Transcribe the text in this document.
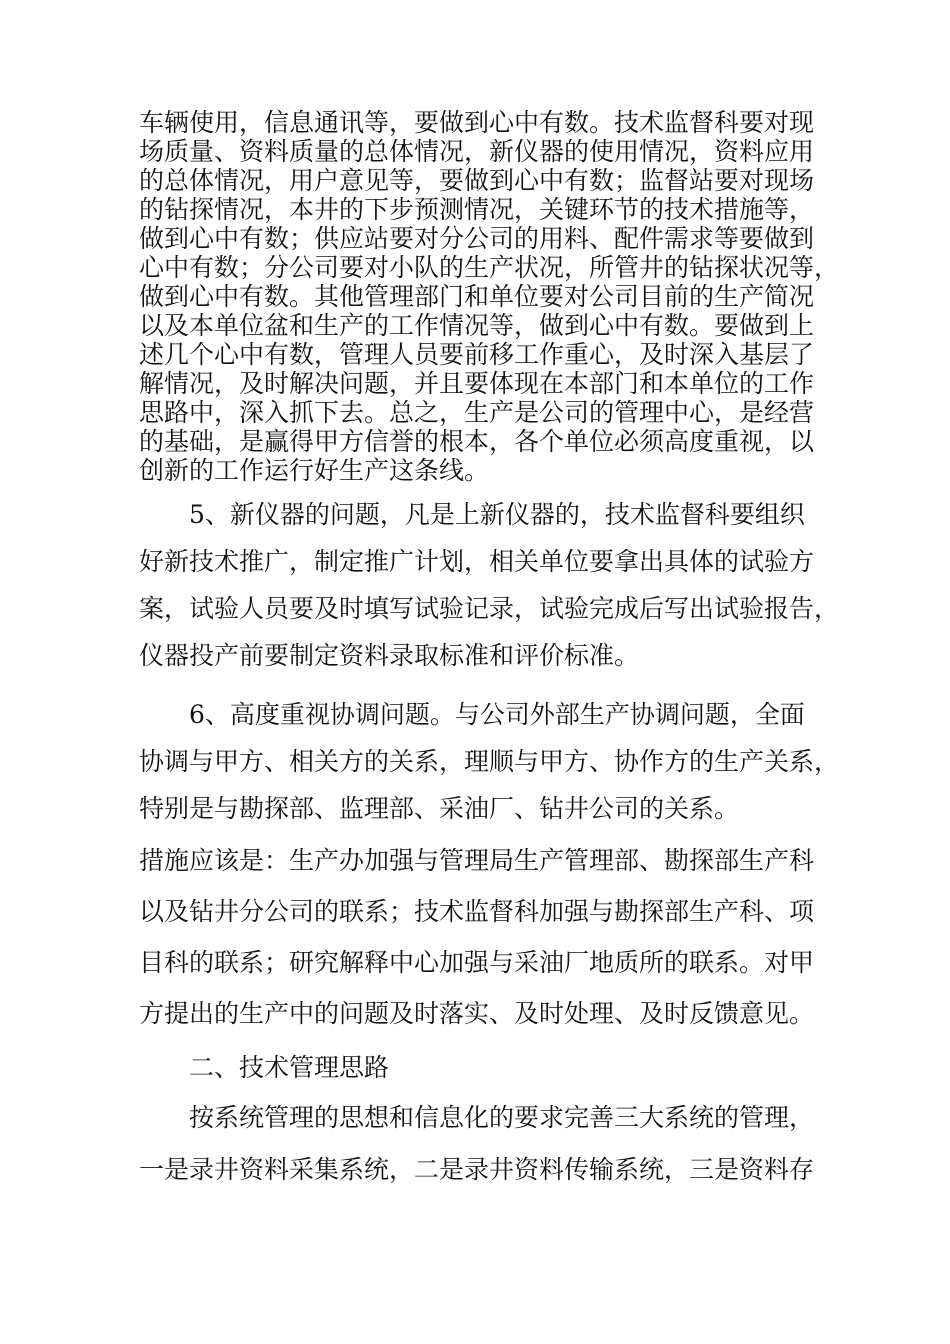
车辆使用，信息通讯等，要做到心中有数。技术监督科要对现

场质量、资料质量的总体情况，新仪器的使用情况，资料应用

的总体情况，用户意见等，要做到心中有数；监督站要对现场

的钻探情况，本井的下步预测情况，关键环节的技术措施等，

做到心中有数；供应站要对分公司的用料、配件需求等要做到

心中有数；分公司要对小队的生产状况，所管井的钻探状况等，

做到心中有数。其他管理部门和单位要对公司目前的生产简况

以及本单位盆和生产的工作情况等，做到心中有数。要做到上

述几个心中有数，管理人员要前移工作重心，及时深入基层了

解情况，及时解决问题，并且要体现在本部门和本单位的工作

思路中，深入抓下去。总之，生产是公司的管理中心，是经营

的基础，是赢得甲方信誉的根本，各个单位必须高度重视，以

创新的工作运行好生产这条线。

5、新仪器的问题，凡是上新仪器的，技术监督科要组织

好新技术推广，制定推广计划，相关单位要拿出具体的试验方

案，试验人员要及时填写试验记录，试验完成后写出试验报告，

仪器投产前要制定资料录取标准和评价标准。

6、高度重视协调问题。与公司外部生产协调问题，全面

协调与甲方、相关方的关系，理顺与甲方、协作方的生产关系，

特别是与勘探部、监理部、采油厂、钻井公司的关系。

措施应该是：生产办加强与管理局生产管理部、勘探部生产科

以及钻井分公司的联系；技术监督科加强与勘探部生产科、项

目科的联系；研究解释中心加强与采油厂地质所的联系。对甲

方提出的生产中的问题及时落实、及时处理、及时反馈意见。

二、技术管理思路

按系统管理的思想和信息化的要求完善三大系统的管理，

一是录井资料采集系统，二是录井资料传输系统，三是资料存
